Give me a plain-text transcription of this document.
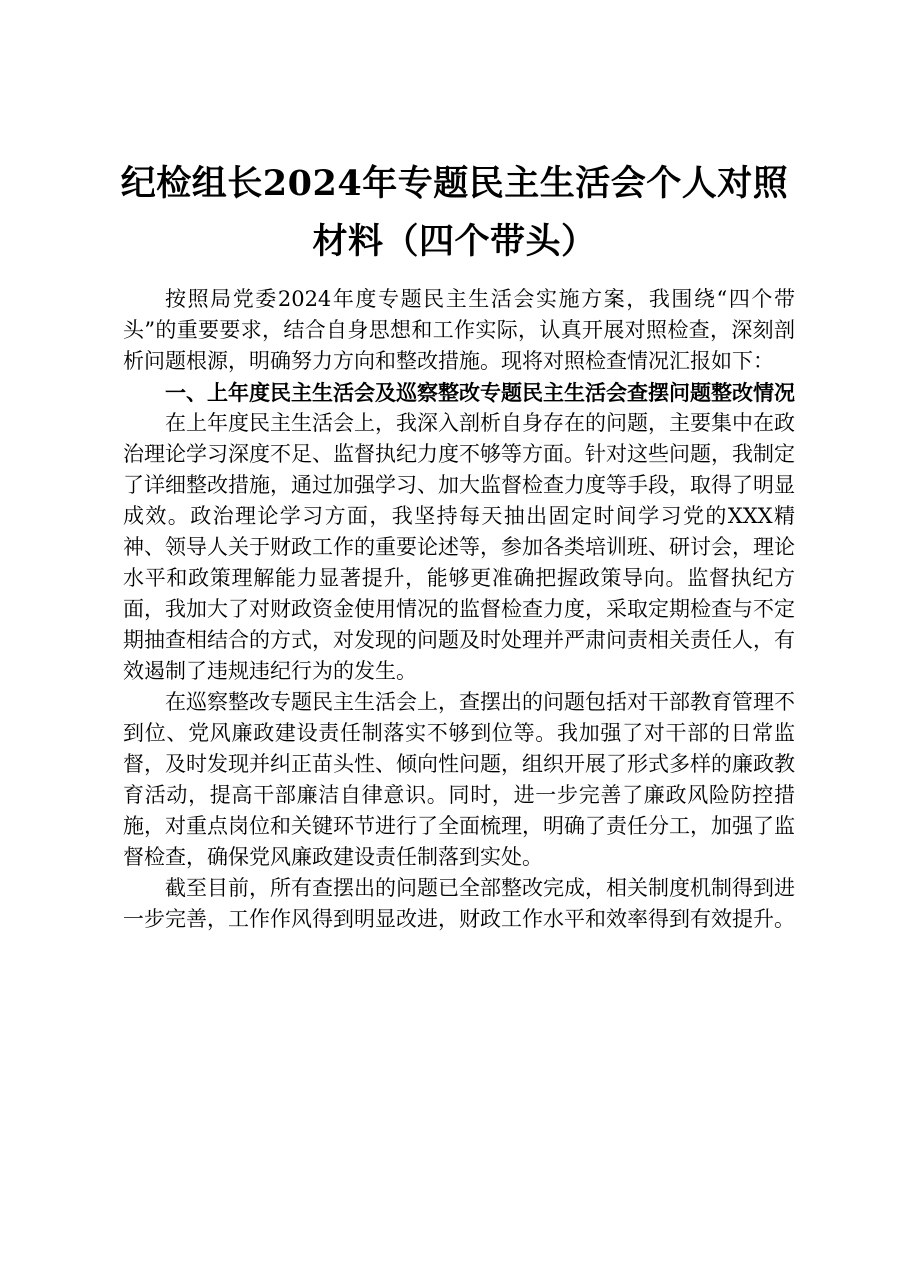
纪检组长2024年专题民主生活会个人对照材料（四个带头）

按照局党委2024年度专题民主生活会实施方案，我围绕“四个带头”的重要要求，结合自身思想和工作实际，认真开展对照检查，深刻剖析问题根源，明确努力方向和整改措施。现将对照检查情况汇报如下：

一、上年度民主生活会及巡察整改专题民主生活会查摆问题整改情况

在上年度民主生活会上，我深入剖析自身存在的问题，主要集中在政治理论学习深度不足、监督执纪力度不够等方面。针对这些问题，我制定了详细整改措施，通过加强学习、加大监督检查力度等手段，取得了明显成效。政治理论学习方面，我坚持每天抽出固定时间学习党的XXX精神、领导人关于财政工作的重要论述等，参加各类培训班、研讨会，理论水平和政策理解能力显著提升，能够更准确把握政策导向。监督执纪方面，我加大了对财政资金使用情况的监督检查力度，采取定期检查与不定期抽查相结合的方式，对发现的问题及时处理并严肃问责相关责任人，有效遏制了违规违纪行为的发生。

在巡察整改专题民主生活会上，查摆出的问题包括对干部教育管理不到位、党风廉政建设责任制落实不够到位等。我加强了对干部的日常监督，及时发现并纠正苗头性、倾向性问题，组织开展了形式多样的廉政教育活动，提高干部廉洁自律意识。同时，进一步完善了廉政风险防控措施，对重点岗位和关键环节进行了全面梳理，明确了责任分工，加强了监督检查，确保党风廉政建设责任制落到实处。

截至目前，所有查摆出的问题已全部整改完成，相关制度机制得到进一步完善，工作作风得到明显改进，财政工作水平和效率得到有效提升。
